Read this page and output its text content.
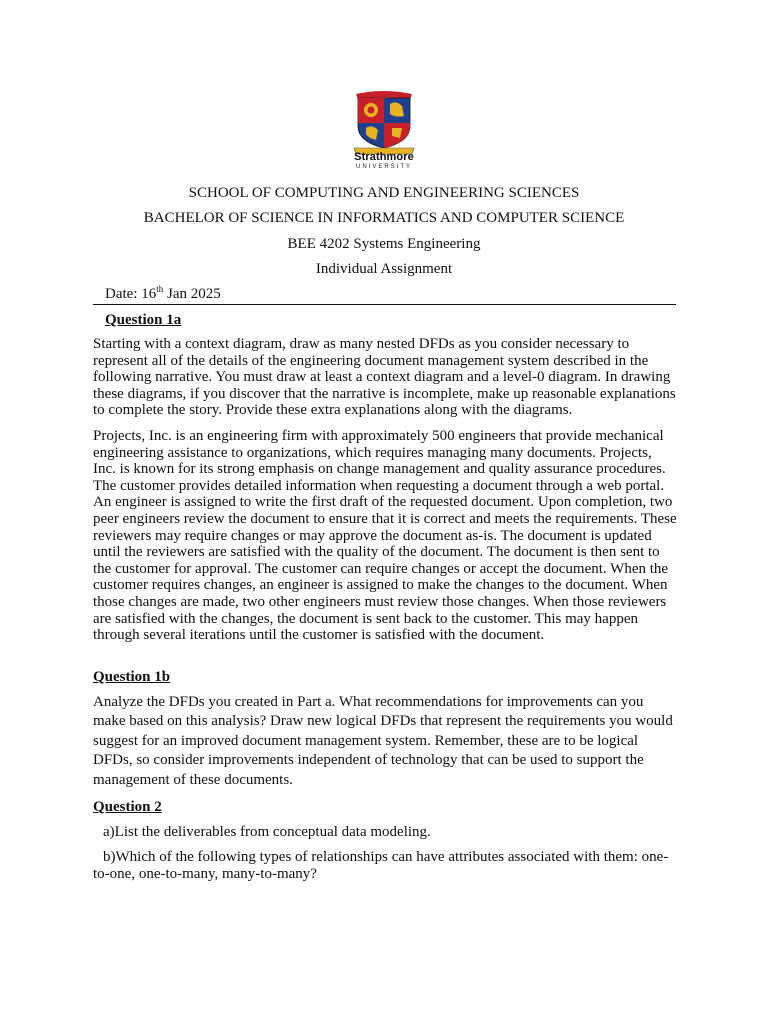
Strathmore
UNIVERSITY
SCHOOL OF COMPUTING AND ENGINEERING SCIENCES
BACHELOR OF SCIENCE IN INFORMATICS AND COMPUTER SCIENCE
BEE 4202 Systems Engineering
Individual Assignment
Date: 16th Jan 2025
Question 1a

Starting with a context diagram, draw as many nested DFDs as you consider necessary to represent all of the details of the engineering document management system described in the following narrative. You must draw at least a context diagram and a level-0 diagram. In drawing these diagrams, if you discover that the narrative is incomplete, make up reasonable explanations to complete the story. Provide these extra explanations along with the diagrams.

Projects, Inc. is an engineering firm with approximately 500 engineers that provide mechanical engineering assistance to organizations, which requires managing many documents. Projects, Inc. is known for its strong emphasis on change management and quality assurance procedures. The customer provides detailed information when requesting a document through a web portal. An engineer is assigned to write the first draft of the requested document. Upon completion, two peer engineers review the document to ensure that it is correct and meets the requirements. These reviewers may require changes or may approve the document as-is. The document is updated until the reviewers are satisfied with the quality of the document. The document is then sent to the customer for approval. The customer can require changes or accept the document. When the customer requires changes, an engineer is assigned to make the changes to the document. When those changes are made, two other engineers must review those changes. When those reviewers are satisfied with the changes, the document is sent back to the customer. This may happen through several iterations until the customer is satisfied with the document.

Question 1b

Analyze the DFDs you created in Part a. What recommendations for improvements can you make based on this analysis? Draw new logical DFDs that represent the requirements you would suggest for an improved document management system. Remember, these are to be logical DFDs, so consider improvements independent of technology that can be used to support the management of these documents.

Question 2

a)List the deliverables from conceptual data modeling.

b)Which of the following types of relationships can have attributes associated with them: one-to-one, one-to-many, many-to-many?
